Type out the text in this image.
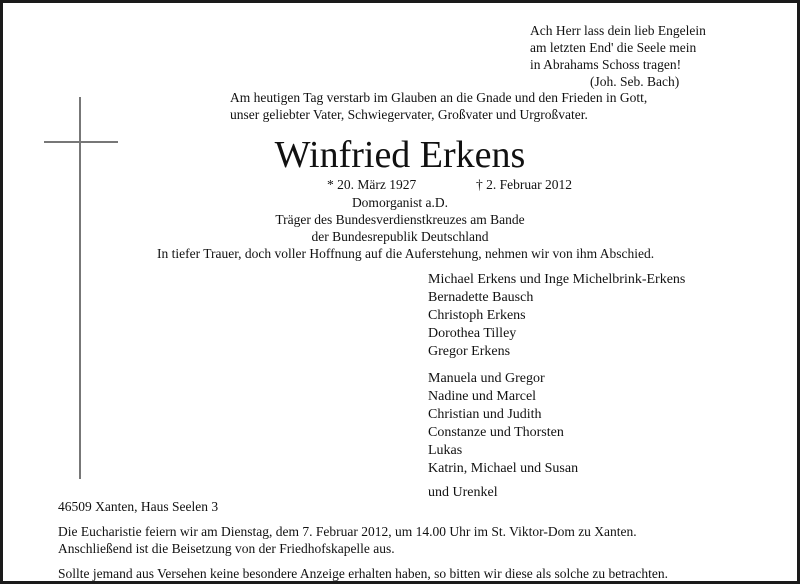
Ach Herr lass dein lieb Engelein
am letzten End' die Seele mein
in Abrahams Schoss tragen!
(Joh. Seb. Bach)
Am heutigen Tag verstarb im Glauben an die Gnade und den Frieden in Gott,
unser geliebter Vater, Schwiegervater, Großvater und Urgroßvater.
Winfried Erkens
* 20. März 1927	† 2. Februar 2012
Domorganist a.D.
Träger des Bundesverdienstkreuzes am Bande
der Bundesrepublik Deutschland
In tiefer Trauer, doch voller Hoffnung auf die Auferstehung, nehmen wir von ihm Abschied.
Michael Erkens und Inge Michelbrink-Erkens
Bernadette Bausch
Christoph Erkens
Dorothea Tilley
Gregor Erkens
Manuela und Gregor
Nadine und Marcel
Christian und Judith
Constanze und Thorsten
Lukas
Katrin, Michael und Susan
und Urenkel
46509 Xanten, Haus Seelen 3
Die Eucharistie feiern wir am Dienstag, dem 7. Februar 2012, um 14.00 Uhr im St. Viktor-Dom zu Xanten.
Anschließend ist die Beisetzung von der Friedhofskapelle aus.
Sollte jemand aus Versehen keine besondere Anzeige erhalten haben, so bitten wir diese als solche zu betrachten.
